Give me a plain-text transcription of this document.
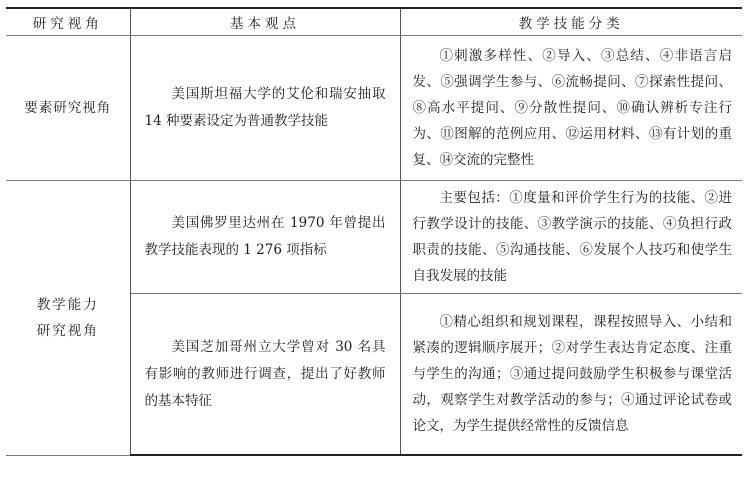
研究视角	基本观点	教学技能分类
要素研究视角	美国斯坦福大学的艾伦和瑞安抽取 14 种要素设定为普通教学技能	①刺激多样性、②导入、③总结、④非语言启发、⑤强调学生参与、⑥流畅提问、⑦探索性提问、⑧高水平提问、⑨分散性提问、⑩确认辨析专注行为、⑪图解的范例应用、⑫运用材料、⑬有计划的重复、⑭交流的完整性

教学能力研究视角	美国佛罗里达州在 1970 年曾提出教学技能表现的 1 276 项指标	主要包括：①度量和评价学生行为的技能、②进行教学设计的技能、③教学演示的技能、④负担行政职责的技能、⑤沟通技能、⑥发展个人技巧和使学生自我发展的技能

	美国芝加哥州立大学曾对 30 名具有影响的教师进行调查，提出了好教师的基本特征	①精心组织和规划课程，课程按照导入、小结和紧凑的逻辑顺序展开；②对学生表达肯定态度、注重与学生的沟通；③通过提问鼓励学生积极参与课堂活动，观察学生对教学活动的参与；④通过评论试卷或论文，为学生提供经常性的反馈信息
